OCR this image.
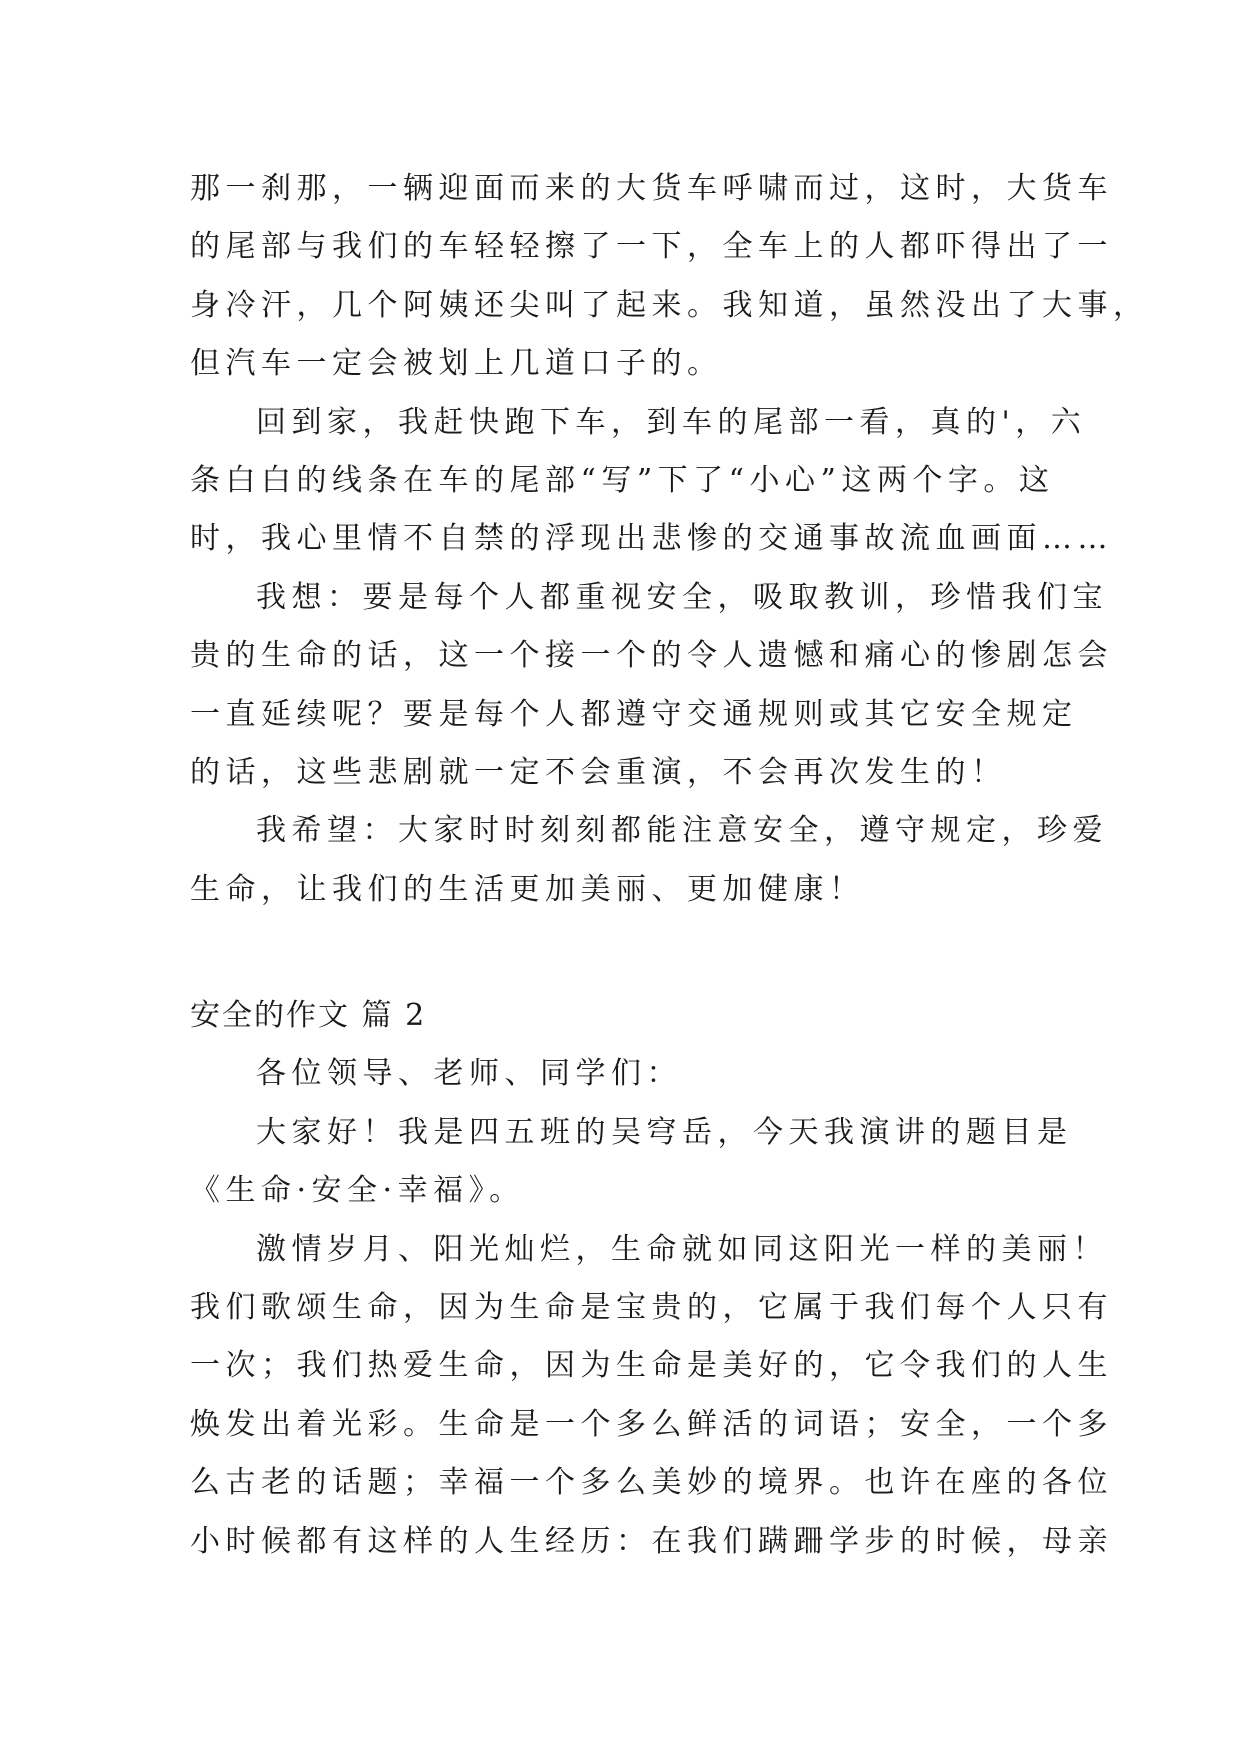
那一刹那，一辆迎面而来的大货车呼啸而过，这时，大货车
的尾部与我们的车轻轻擦了一下，全车上的人都吓得出了一
身冷汗，几个阿姨还尖叫了起来。我知道，虽然没出了大事，
但汽车一定会被划上几道口子的。
回到家，我赶快跑下车，到车的尾部一看，真的'，六
条白白的线条在车的尾部“写”下了“小心”这两个字。这
时，我心里情不自禁的浮现出悲惨的交通事故流血画面……
我想：要是每个人都重视安全，吸取教训，珍惜我们宝
贵的生命的话，这一个接一个的令人遗憾和痛心的惨剧怎会
一直延续呢？要是每个人都遵守交通规则或其它安全规定
的话，这些悲剧就一定不会重演，不会再次发生的！
我希望：大家时时刻刻都能注意安全，遵守规定，珍爱
生命，让我们的生活更加美丽、更加健康！
安全的作文 篇 2
各位领导、老师、同学们：
大家好！我是四五班的吴穹岳，今天我演讲的题目是
《生命·安全·幸福》。
激情岁月、阳光灿烂，生命就如同这阳光一样的美丽！
我们歌颂生命，因为生命是宝贵的，它属于我们每个人只有
一次；我们热爱生命，因为生命是美好的，它令我们的人生
焕发出着光彩。生命是一个多么鲜活的词语；安全，一个多
么古老的话题；幸福一个多么美妙的境界。也许在座的各位
小时候都有这样的人生经历：在我们蹒跚学步的时候，母亲
